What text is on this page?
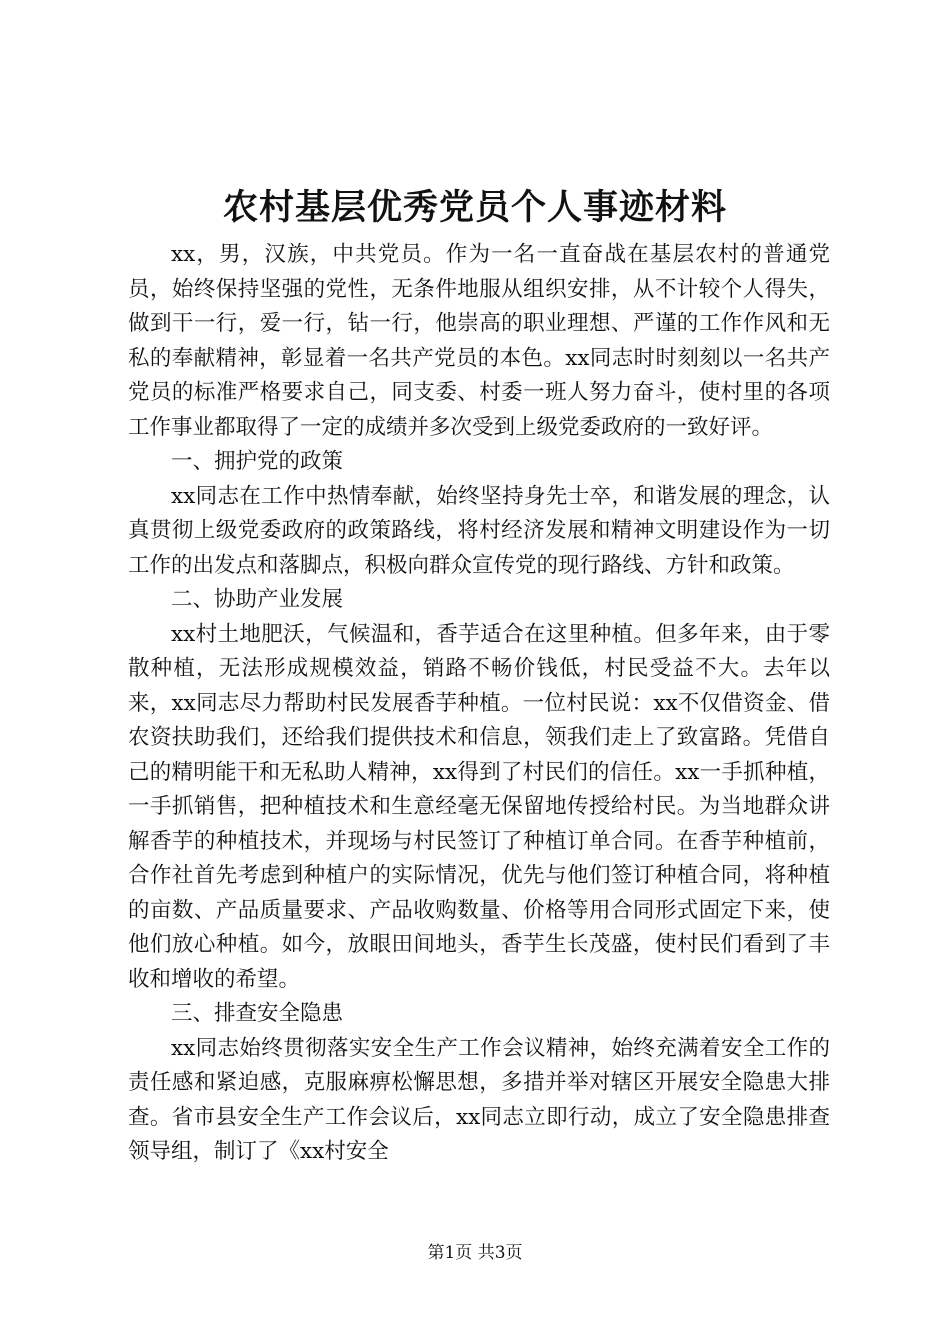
农村基层优秀党员个人事迹材料

xx，男，汉族，中共党员。作为一名一直奋战在基层农村的普通党员，始终保持坚强的党性，无条件地服从组织安排，从不计较个人得失，做到干一行，爱一行，钻一行，他崇高的职业理想、严谨的工作作风和无私的奉献精神，彰显着一名共产党员的本色。xx同志时时刻刻以一名共产党员的标准严格要求自己，同支委、村委一班人努力奋斗，使村里的各项工作事业都取得了一定的成绩并多次受到上级党委政府的一致好评。

一、拥护党的政策

xx同志在工作中热情奉献，始终坚持身先士卒，和谐发展的理念，认真贯彻上级党委政府的政策路线，将村经济发展和精神文明建设作为一切工作的出发点和落脚点，积极向群众宣传党的现行路线、方针和政策。

二、协助产业发展

xx村土地肥沃，气候温和，香芋适合在这里种植。但多年来，由于零散种植，无法形成规模效益，销路不畅价钱低，村民受益不大。去年以来，xx同志尽力帮助村民发展香芋种植。一位村民说：xx不仅借资金、借农资扶助我们，还给我们提供技术和信息，领我们走上了致富路。凭借自己的精明能干和无私助人精神，xx得到了村民们的信任。xx一手抓种植，一手抓销售，把种植技术和生意经毫无保留地传授给村民。为当地群众讲解香芋的种植技术，并现场与村民签订了种植订单合同。在香芋种植前，合作社首先考虑到种植户的实际情况，优先与他们签订种植合同，将种植的亩数、产品质量要求、产品收购数量、价格等用合同形式固定下来，使他们放心种植。如今，放眼田间地头，香芋生长茂盛，使村民们看到了丰收和增收的希望。

三、排查安全隐患

xx同志始终贯彻落实安全生产工作会议精神，始终充满着安全工作的责任感和紧迫感，克服麻痹松懈思想，多措并举对辖区开展安全隐患大排查。省市县安全生产工作会议后，xx同志立即行动，成立了安全隐患排查领导组，制订了《xx村安全

第1页 共3页
